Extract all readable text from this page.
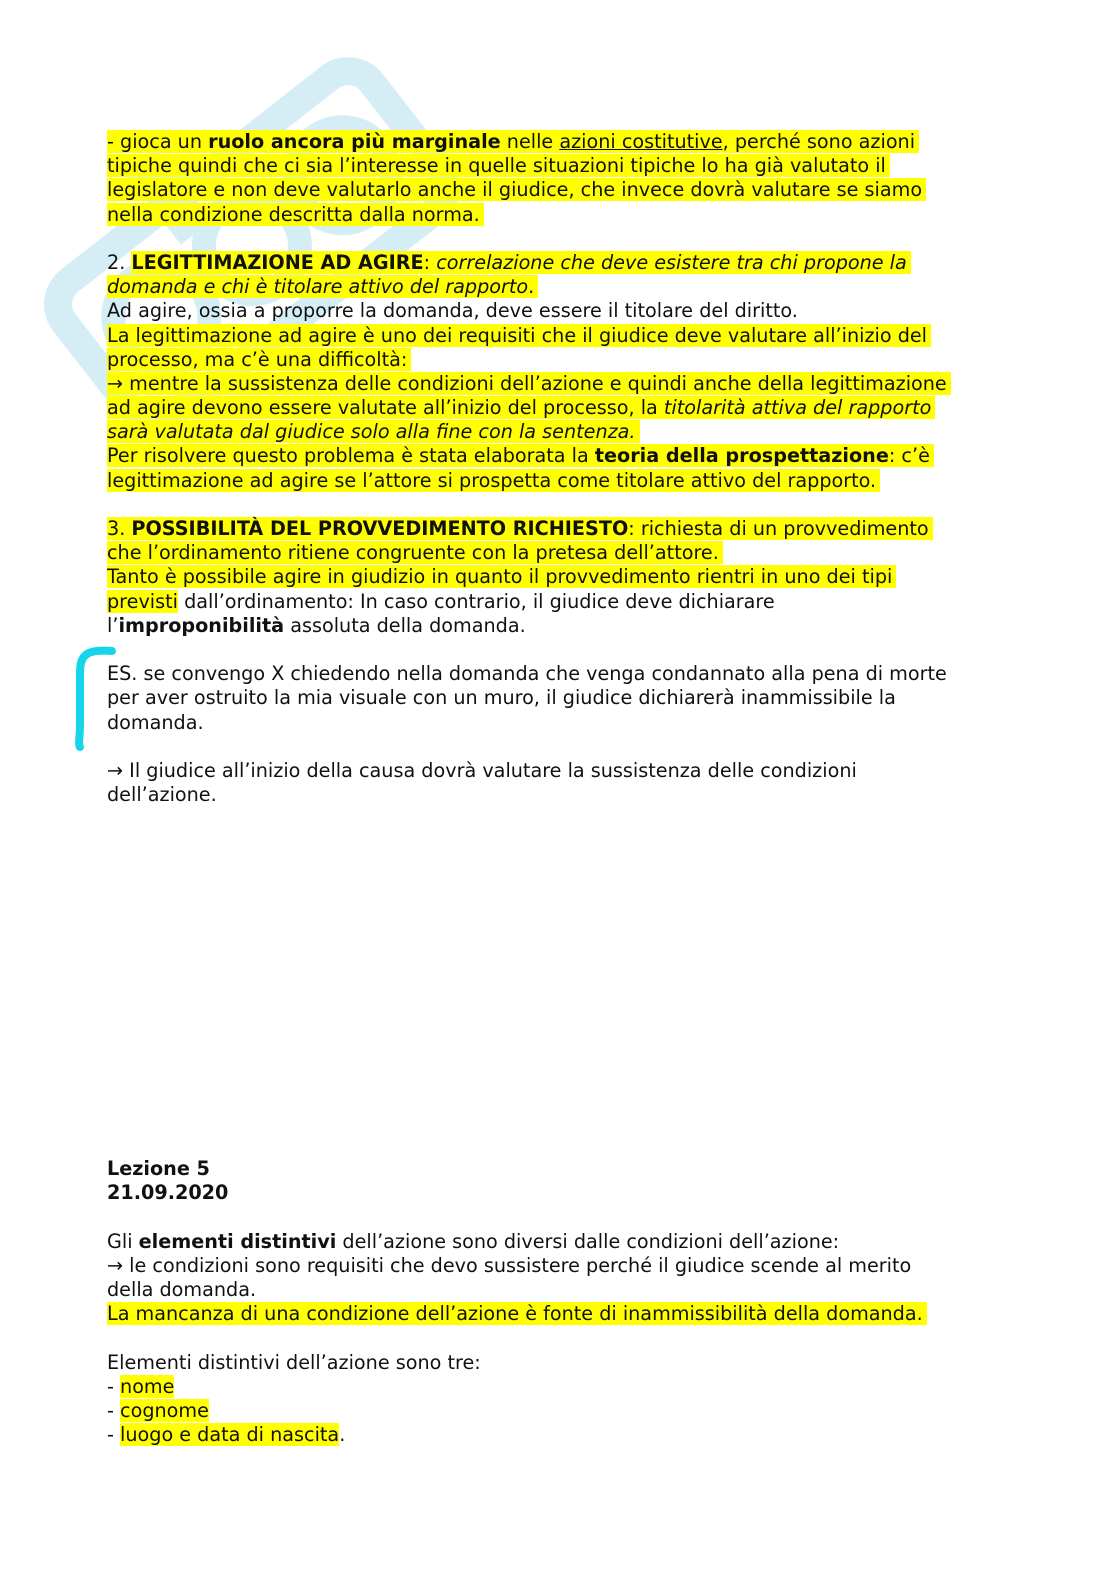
- gioca un ruolo ancora più marginale nelle azioni costitutive, perché sono azioni
tipiche quindi che ci sia l’interesse in quelle situazioni tipiche lo ha già valutato il
legislatore e non deve valutarlo anche il giudice, che invece dovrà valutare se siamo
nella condizione descritta dalla norma.
2. LEGITTIMAZIONE AD AGIRE: correlazione che deve esistere tra chi propone la
domanda e chi è titolare attivo del rapporto.
Ad agire, ossia a proporre la domanda, deve essere il titolare del diritto.
La legittimazione ad agire è uno dei requisiti che il giudice deve valutare all’inizio del
processo, ma c’è una difficoltà:
→ mentre la sussistenza delle condizioni dell’azione e quindi anche della legittimazione
ad agire devono essere valutate all’inizio del processo, la titolarità attiva del rapporto
sarà valutata dal giudice solo alla fine con la sentenza.
Per risolvere questo problema è stata elaborata la teoria della prospettazione: c’è
legittimazione ad agire se l’attore si prospetta come titolare attivo del rapporto.
3. POSSIBILITÀ DEL PROVVEDIMENTO RICHIESTO: richiesta di un provvedimento
che l’ordinamento ritiene congruente con la pretesa dell’attore.
Tanto è possibile agire in giudizio in quanto il provvedimento rientri in uno dei tipi
previsti dall’ordinamento: In caso contrario, il giudice deve dichiarare
l’improponibilità assoluta della domanda.
ES. se convengo X chiedendo nella domanda che venga condannato alla pena di morte
per aver ostruito la mia visuale con un muro, il giudice dichiarerà inammissibile la
domanda.
→ Il giudice all’inizio della causa dovrà valutare la sussistenza delle condizioni
dell’azione.
Lezione 5
21.09.2020
Gli elementi distintivi dell’azione sono diversi dalle condizioni dell’azione:
→ le condizioni sono requisiti che devo sussistere perché il giudice scende al merito
della domanda.
La mancanza di una condizione dell’azione è fonte di inammissibilità della domanda.
Elementi distintivi dell’azione sono tre:
- nome
- cognome
- luogo e data di nascita.
